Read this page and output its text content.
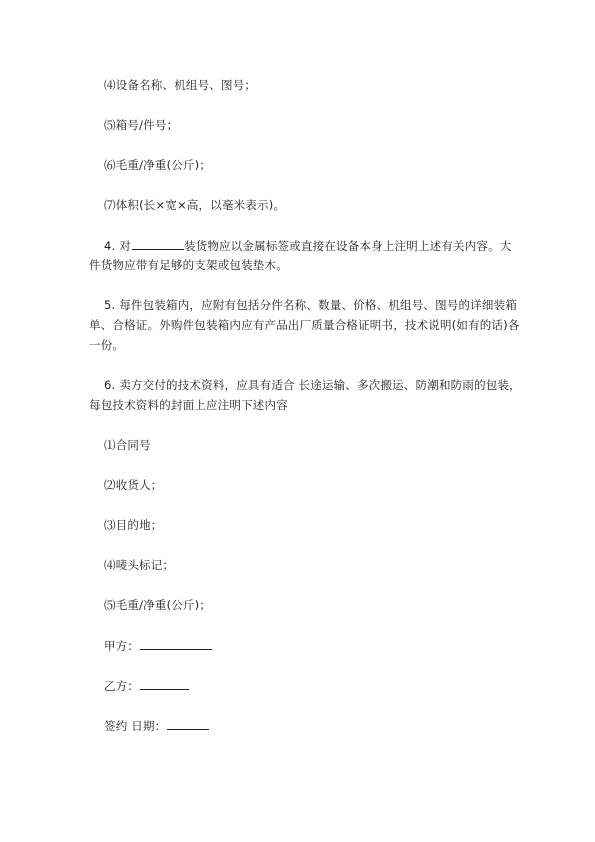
⑷设备名称、机组号、图号；
⑸箱号/件号；
⑹毛重/净重(公斤)；
⑺体积(长×宽×高，以毫米表示)。
4. 对	装货物应以金属标签或直接在设备本身上注明上述有关内容。大
件货物应带有足够的支架或包装垫木。
5. 每件包装箱内，应附有包括分件名称、数量、价格、机组号、图号的详细装箱
单、合格证。外购件包装箱内应有产品出厂质量合格证明书，技术说明(如有的话)各
一份。
6. 卖方交付的技术资料，应具有适合 长途运输、多次搬运、防潮和防雨的包装，
每包技术资料的封面上应注明下述内容
⑴合同号
⑵收货人；
⑶目的地；
⑷唛头标记；
⑸毛重/净重(公斤)；
甲方：
乙方：
签约 日期：
